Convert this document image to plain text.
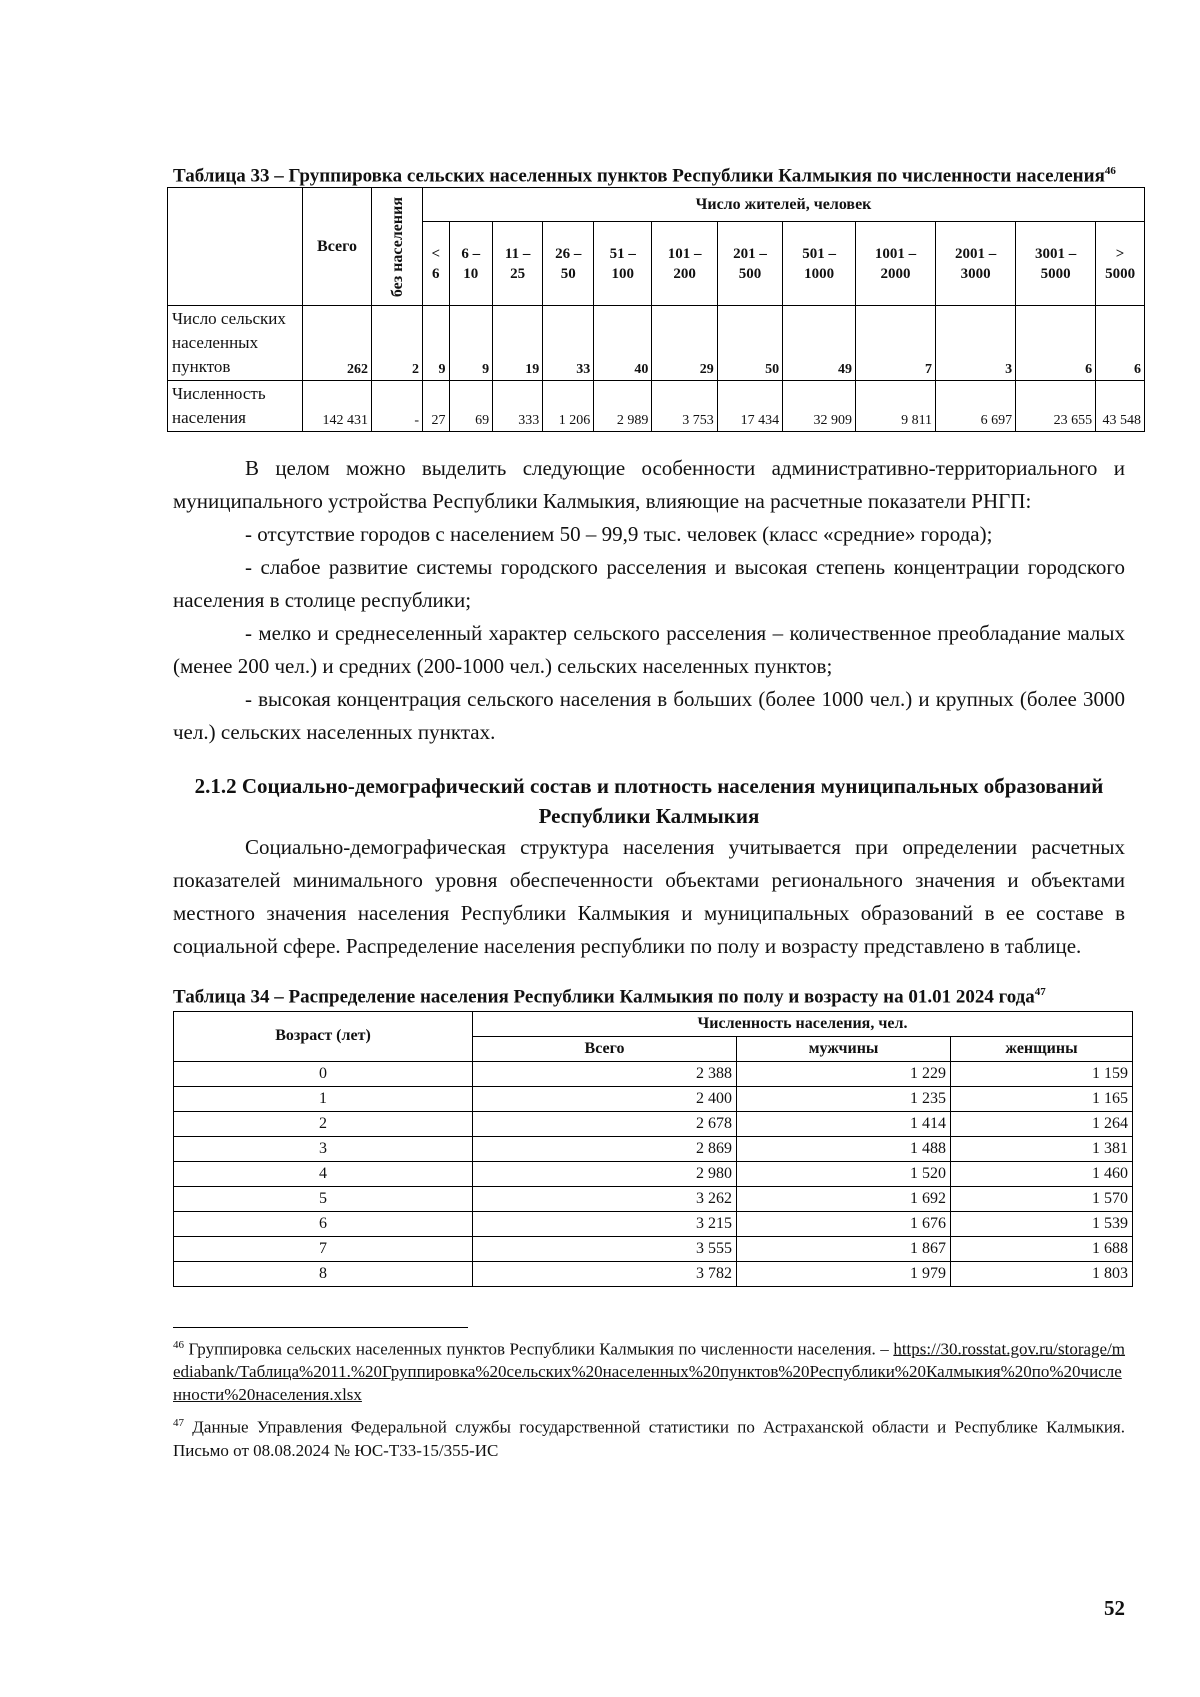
Таблица 33 – Группировка сельских населенных пунктов Республики Калмыкия по численности населения$^{46}$

	Всего	без населения	Число жителей, человек											
			< 6	6 – 10	11 – 25	26 – 50	51 – 100	101 – 200	201 – 500	501 – 1000	1001 – 2000	2001 – 3000	3001 – 5000	> 5000
Число сельских населенных пунктов	262	2	9	9	19	33	40	29	50	49	7	3	6	6
Численность населения	142 431	-	27	69	333	1 206	2 989	3 753	17 434	32 909	9 811	6 697	23 655	43 548

В целом можно выделить следующие особенности административно-территориального и муниципального устройства Республики Калмыкия, влияющие на расчетные показатели РНГП:

- отсутствие городов с населением 50 – 99,9 тыс. человек (класс «средние» города);

- слабое развитие системы городского расселения и высокая степень концентрации городского населения в столице республики;

- мелко и среднеселенный характер сельского расселения – количественное преобладание малых (менее 200 чел.) и средних (200-1000 чел.) сельских населенных пунктов;

- высокая концентрация сельского населения в больших (более 1000 чел.) и крупных (более 3000 чел.) сельских населенных пунктах.

2.1.2 Социально-демографический состав и плотность населения муниципальных образований Республики Калмыкия

Социально-демографическая структура населения учитывается при определении расчетных показателей минимального уровня обеспеченности объектами регионального значения и объектами местного значения населения Республики Калмыкия и муниципальных образований в ее составе в социальной сфере. Распределение населения республики по полу и возрасту представлено в таблице.

Таблица 34 – Распределение населения Республики Калмыкия по полу и возрасту на 01.01 2024 года$^{47}$

Возраст (лет)	Численность населения, чел.		
	Всего	мужчины	женщины
0	2 388	1 229	1 159
1	2 400	1 235	1 165
2	2 678	1 414	1 264
3	2 869	1 488	1 381
4	2 980	1 520	1 460
5	3 262	1 692	1 570
6	3 215	1 676	1 539
7	3 555	1 867	1 688
8	3 782	1 979	1 803

$^{46}$ Группировка сельских населенных пунктов Республики Калмыкия по численности населения. – https://30.rosstat.gov.ru/storage/mediabank/Таблица%2011.%20Группировка%20сельских%20населенных%20пунктов%20Республики%20Калмыкия%20по%20численности%20населения.xlsx

$^{47}$ Данные Управления Федеральной службы государственной статистики по Астраханской области и Республике Калмыкия. Письмо от 08.08.2024 № ЮС-Т33-15/355-ИС

52
